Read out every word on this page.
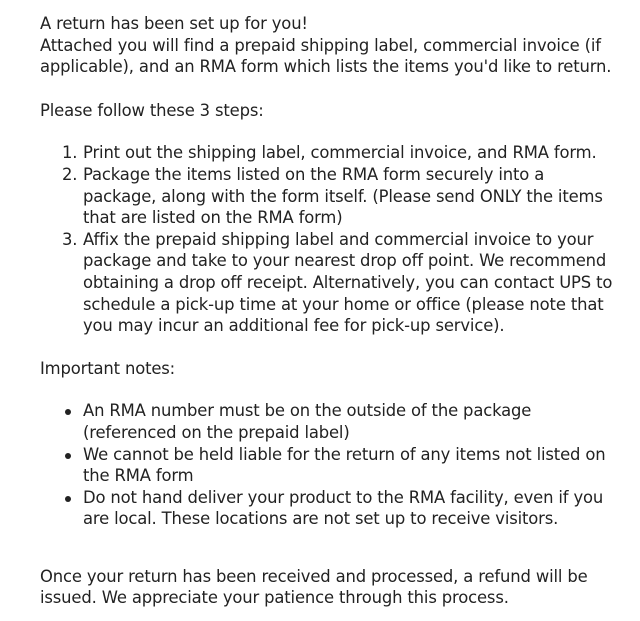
A return has been set up for you!

Attached you will find a prepaid shipping label, commercial invoice (if applicable), and an RMA form which lists the items you'd like to return.

Please follow these 3 steps:

1. Print out the shipping label, commercial invoice, and RMA form.
2. Package the items listed on the RMA form securely into a package, along with the form itself. (Please send ONLY the items that are listed on the RMA form)
3. Affix the prepaid shipping label and commercial invoice to your package and take to your nearest drop off point. We recommend obtaining a drop off receipt. Alternatively, you can contact UPS to schedule a pick-up time at your home or office (please note that you may incur an additional fee for pick-up service).

Important notes:

An RMA number must be on the outside of the package (referenced on the prepaid label)
We cannot be held liable for the return of any items not listed on the RMA form
Do not hand deliver your product to the RMA facility, even if you are local. These locations are not set up to receive visitors.

Once your return has been received and processed, a refund will be issued. We appreciate your patience through this process.
